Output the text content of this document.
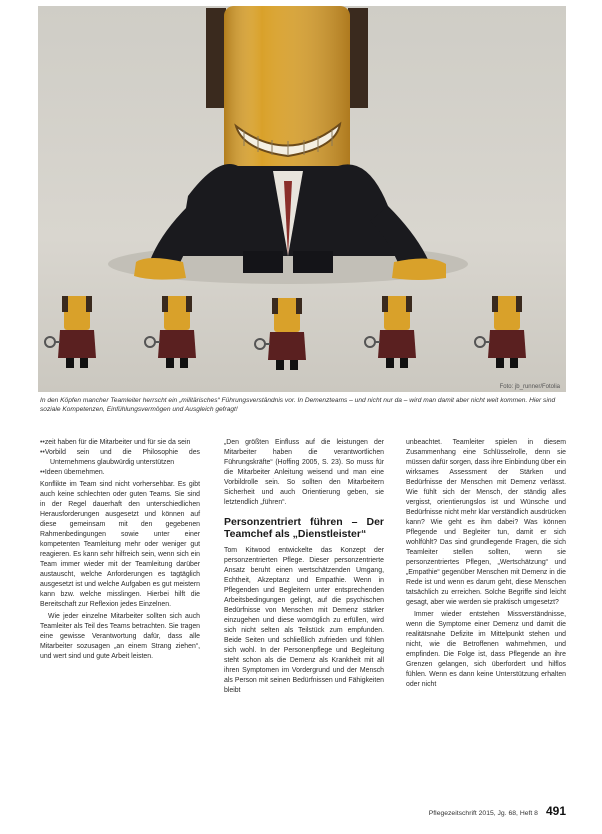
Foto: jb_runner/Fotolia
In den Köpfen mancher Teamleiter herrscht ein „militärisches“ Führungsverständnis vor. In Demenzteams – und nicht nur da – wird man damit aber nicht weit kommen. Hier sind soziale Kompetenzen, Einfühlungsvermögen und Ausgleich gefragt!
•• zeit haben für die Mitarbeiter und für sie da sein
•• Vorbild sein und die Philosophie des Unternehmens glaubwürdig unterstützen
•• Ideen übernehmen.

Konflikte im Team sind nicht vorhersehbar. Es gibt auch keine schlechten oder guten Teams. Sie sind in der Regel dauerhaft den unterschiedlichen Herausforderungen ausgesetzt und können auf diese gemeinsam mit den gegebenen Rahmenbedingungen sowie unter einer kompetenten Teamleitung mehr oder weniger gut reagieren. Es kann sehr hilfreich sein, wenn sich ein Team immer wieder mit der Teamleitung darüber austauscht, welche Anforderungen es tagtäglich ausgesetzt ist und welche Aufgaben es gut meistern kann bzw. welche misslingen. Hierbei hilft die Bereitschaft zur Reflexion jedes Einzelnen.

Wie jeder einzelne Mitarbeiter sollten sich auch Teamleiter als Teil des Teams betrachten. Sie tragen eine gewisse Verantwortung dafür, dass alle Mitarbeiter sozusagen „an einem Strang ziehen“, und wert sind und gute Arbeit leisten.

„Den größten Einfluss auf die leistungen der Mitarbeiter haben die verantwortlichen Führungskräfte“ (Hoffing 2005, S. 23). So muss für die Mitarbeiter Anleitung weisend und man eine Vorbildrolle sein. So sollten den Mitarbeitern Sicherheit und auch Orientierung geben, sie letztendlich „führen“.

Personzentriert führen – Der Teamchef als „Dienstleister“

Tom Kitwood entwickelte das Konzept der personzentrierten Pflege. Dieser personzentrierte Ansatz beruht einen wertschätzenden Umgang, Echtheit, Akzeptanz und Empathie. Wenn in Pflegenden und Begleitern unter entsprechenden Arbeitsbedingungen gelingt, auf die psychischen Bedürfnisse von Menschen mit Demenz stärker einzugehen und diese womöglich zu erfüllen, wird sich nicht selten als Teilstück zum empfunden. Beide Seiten und schließlich zufrieden und fühlen sich wohl. In der Personenpflege und Begleitung steht schon als die Demenz als Krankheit mit all ihren Symptomen im Vordergrund und der Mensch als Person mit seinen Bedürfnissen und Fähigkeiten bleibt

unbeachtet. Teamleiter spielen in diesem Zusammenhang eine Schlüsselrolle, denn sie müssen dafür sorgen, dass ihre Einbindung über ein wirksames Assessment der Stärken und Bedürfnisse der Menschen mit Demenz verlässt. Wie fühlt sich der Mensch, der ständig alles vergisst, orientierungslos ist und Wünsche und Bedürfnisse nicht mehr klar verständlich ausdrücken kann? Wie geht es ihm dabei? Was können Pflegende und Begleiter tun, damit er sich wohlfühlt? Das sind grundlegende Fragen, die sich Teamleiter stellen sollten, wenn sie personzentriertes Pflegen, „Wertschätzung“ und „Empathie“ gegenüber Menschen mit Demenz in die Rede ist und wenn es darum geht, diese Menschen tatsächlich zu erreichen. Solche Begriffe sind leicht gesagt, aber wie werden sie praktisch umgesetzt?

Immer wieder entstehen Missverständnisse, wenn die Symptome einer Demenz und damit die realitätsnahe Defizite im Mittelpunkt stehen und nicht, wie die Betroffenen wahrnehmen, und empfinden. Die Folge ist, dass Pflegende an ihre Grenzen gelangen, sich überfordert und hilflos fühlen. Wenn es dann keine Unterstützung erhalten oder nicht

Pflegezeitschrift 2015, Jg. 68, Heft 8 491
